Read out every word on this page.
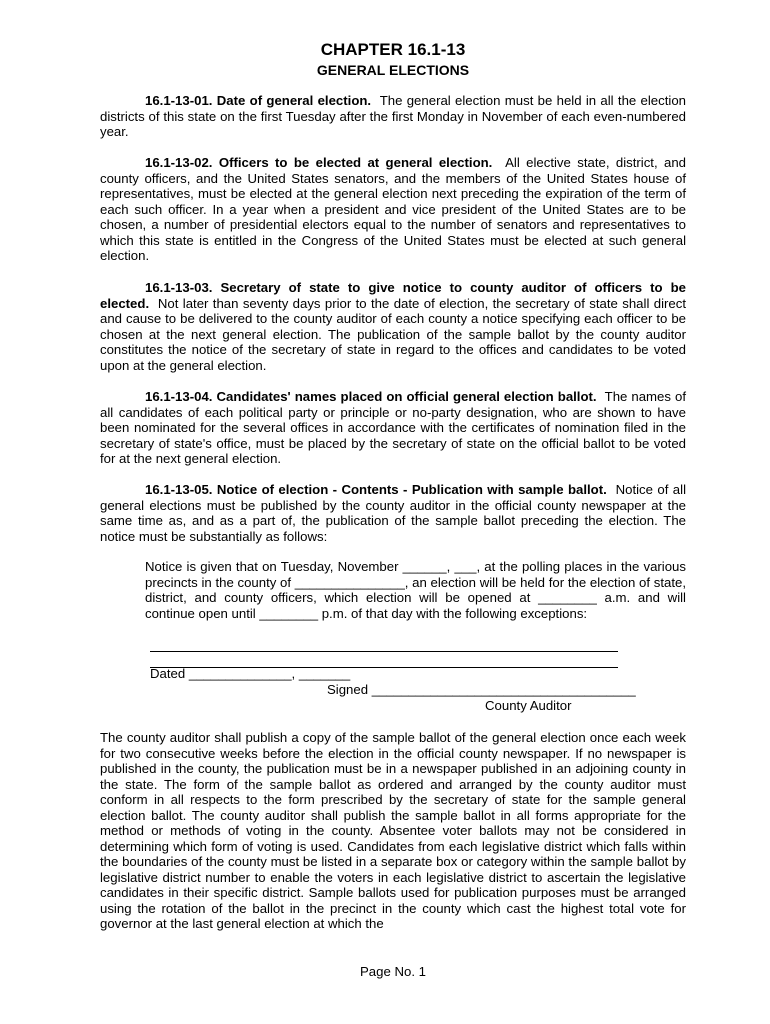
CHAPTER 16.1-13
GENERAL ELECTIONS

16.1-13-01. Date of general election. The general election must be held in all the election districts of this state on the first Tuesday after the first Monday in November of each even-numbered year.

16.1-13-02. Officers to be elected at general election. All elective state, district, and county officers, and the United States senators, and the members of the United States house of representatives, must be elected at the general election next preceding the expiration of the term of each such officer. In a year when a president and vice president of the United States are to be chosen, a number of presidential electors equal to the number of senators and representatives to which this state is entitled in the Congress of the United States must be elected at such general election.

16.1-13-03. Secretary of state to give notice to county auditor of officers to be elected. Not later than seventy days prior to the date of election, the secretary of state shall direct and cause to be delivered to the county auditor of each county a notice specifying each officer to be chosen at the next general election. The publication of the sample ballot by the county auditor constitutes the notice of the secretary of state in regard to the offices and candidates to be voted upon at the general election.

16.1-13-04. Candidates' names placed on official general election ballot. The names of all candidates of each political party or principle or no-party designation, who are shown to have been nominated for the several offices in accordance with the certificates of nomination filed in the secretary of state's office, must be placed by the secretary of state on the official ballot to be voted for at the next general election.

16.1-13-05. Notice of election - Contents - Publication with sample ballot. Notice of all general elections must be published by the county auditor in the official county newspaper at the same time as, and as a part of, the publication of the sample ballot preceding the election. The notice must be substantially as follows:

Notice is given that on Tuesday, November ______, ___, at the polling places in the various precincts in the county of _______________, an election will be held for the election of state, district, and county officers, which election will be opened at ________ a.m. and will continue open until ________ p.m. of that day with the following exceptions:

Dated ______________, _______
Signed ____________________________________
County Auditor

The county auditor shall publish a copy of the sample ballot of the general election once each week for two consecutive weeks before the election in the official county newspaper. If no newspaper is published in the county, the publication must be in a newspaper published in an adjoining county in the state. The form of the sample ballot as ordered and arranged by the county auditor must conform in all respects to the form prescribed by the secretary of state for the sample general election ballot. The county auditor shall publish the sample ballot in all forms appropriate for the method or methods of voting in the county. Absentee voter ballots may not be considered in determining which form of voting is used. Candidates from each legislative district which falls within the boundaries of the county must be listed in a separate box or category within the sample ballot by legislative district number to enable the voters in each legislative district to ascertain the legislative candidates in their specific district. Sample ballots used for publication purposes must be arranged using the rotation of the ballot in the precinct in the county which cast the highest total vote for governor at the last general election at which the

Page No. 1
